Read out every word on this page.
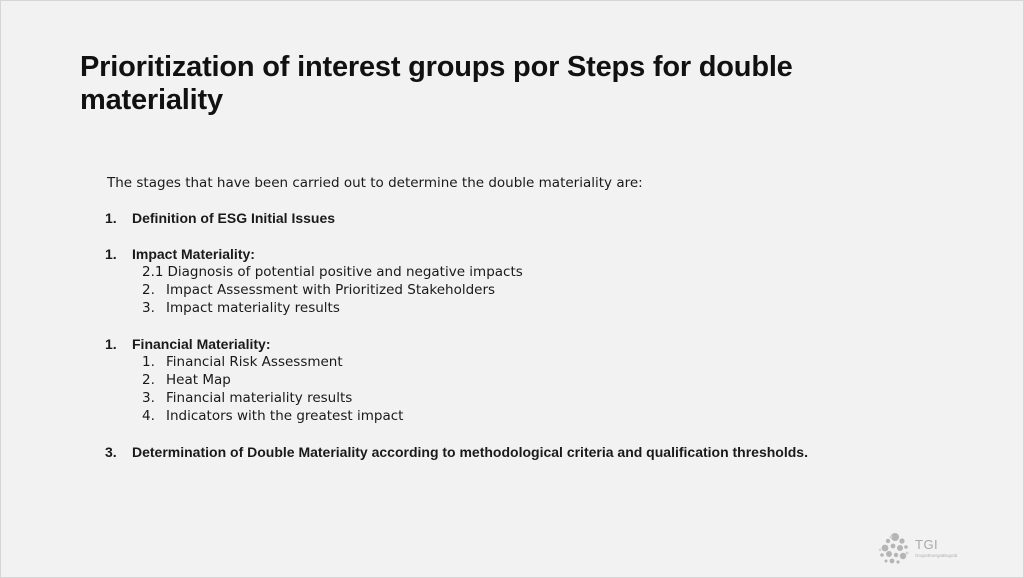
Prioritization of interest groups por Steps for double materiality

The stages that have been carried out to determine the double materiality are:

1.	Definition of ESG Initial Issues
1.	Impact Materiality:
2.1 Diagnosis of potential positive and negative impacts
2. Impact Assessment with Prioritized Stakeholders
3. Impact materiality results
1.	Financial Materiality:
1. Financial Risk Assessment
2. Heat Map
3. Financial materiality results
4. Indicators with the greatest impact
3.	Determination of Double Materiality according to methodological criteria and qualification thresholds.
TGI
GrupoEnergiaBogotá
